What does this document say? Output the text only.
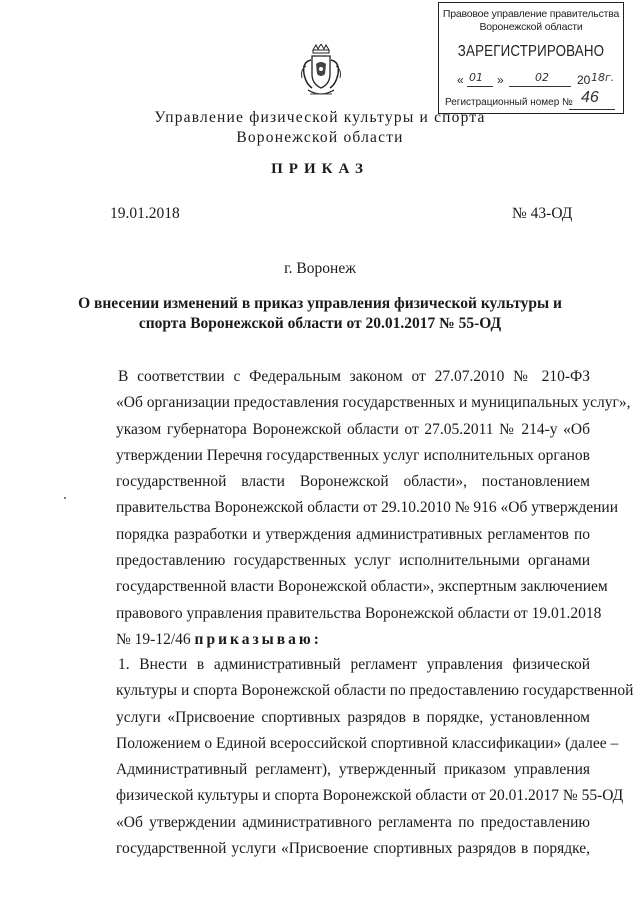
Правовое управление правительства
Воронежской области
ЗАРЕГИСТРИРОВАНО
« 01 »	02 20 18г.
Регистрационный номер № 46
Управление физической культуры и спорта
Воронежской области
ПРИКАЗ
19.01.2018	№ 43-ОД
г. Воронеж
О внесении изменений в приказ управления физической культуры и
спорта Воронежской области от 20.01.2017 № 55-ОД
В соответствии с Федеральным законом от 27.07.2010 № 210-ФЗ
«Об организации предоставления государственных и муниципальных услуг»,
указом губернатора Воронежской области от 27.05.2011 № 214-у «Об
утверждении Перечня государственных услуг исполнительных органов
государственной власти Воронежской области», постановлением
правительства Воронежской области от 29.10.2010 № 916 «Об утверждении
порядка разработки и утверждения административных регламентов по
предоставлению государственных услуг исполнительными органами
государственной власти Воронежской области», экспертным заключением
правового управления правительства Воронежской области от 19.01.2018
№ 19-12/46 приказываю:
1. Внести в административный регламент управления физической
культуры и спорта Воронежской области по предоставлению государственной
услуги «Присвоение спортивных разрядов в порядке, установленном
Положением о Единой всероссийской спортивной классификации» (далее –
Административный регламент), утвержденный приказом управления
физической культуры и спорта Воронежской области от 20.01.2017 № 55-ОД
«Об утверждении административного регламента по предоставлению
государственной услуги «Присвоение спортивных разрядов в порядке,
